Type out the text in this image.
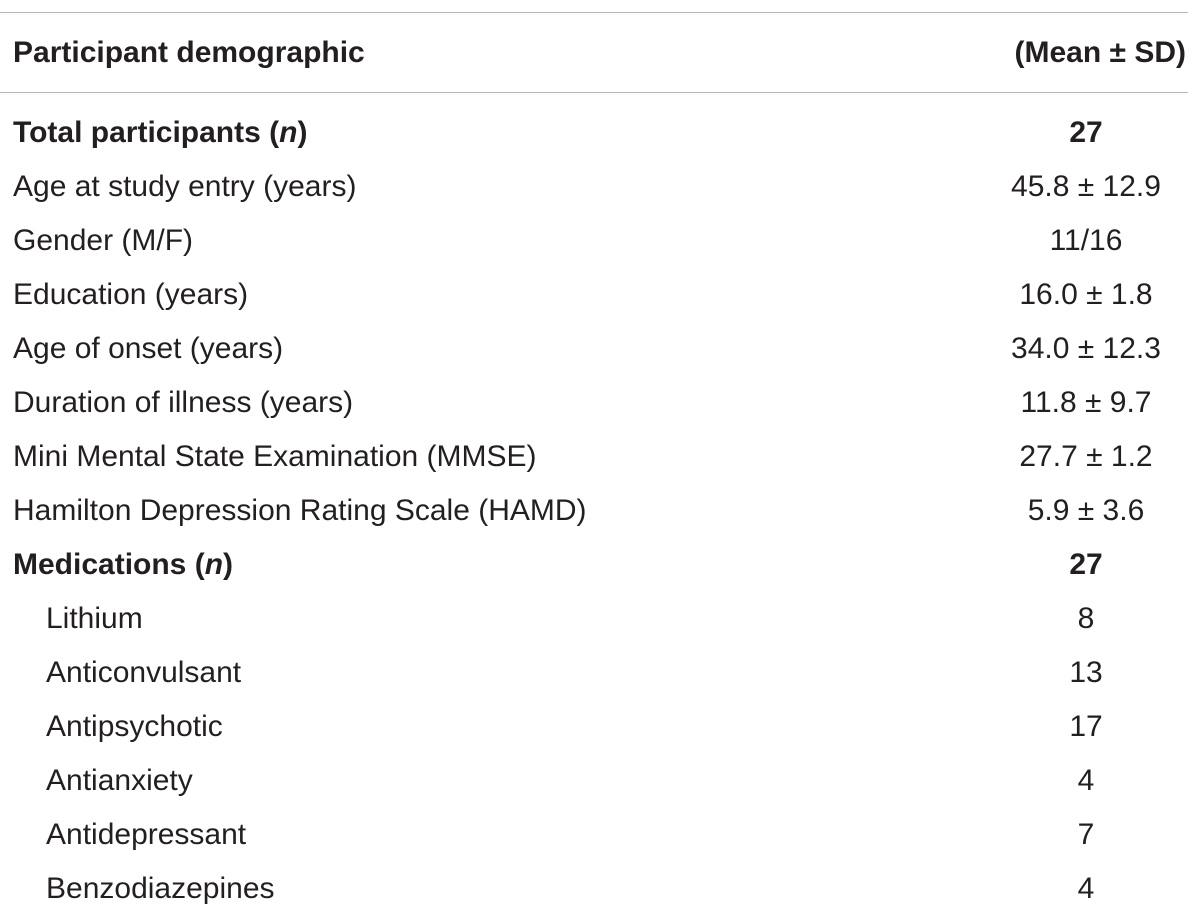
Participant demographic	(Mean ± SD)
Total participants (n)	27
Age at study entry (years)	45.8 ± 12.9
Gender (M/F)	11/16
Education (years)	16.0 ± 1.8
Age of onset (years)	34.0 ± 12.3
Duration of illness (years)	11.8 ± 9.7
Mini Mental State Examination (MMSE)	27.7 ± 1.2
Hamilton Depression Rating Scale (HAMD)	5.9 ± 3.6
Medications (n)	27
Lithium	8
Anticonvulsant	13
Antipsychotic	17
Antianxiety	4
Antidepressant	7
Benzodiazepines	4
